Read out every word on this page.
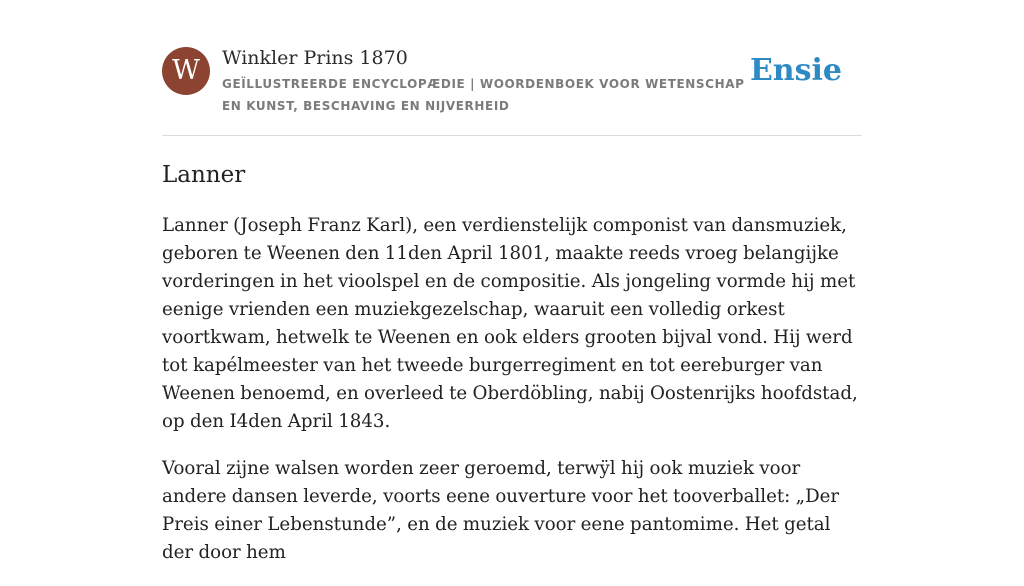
W	Winkler Prins 1870
GEÏLLUSTREERDE ENCYCLOPÆDIE | WOORDENBOEK VOOR WETENSCHAP EN KUNST, BESCHAVING EN NIJVERHEID
Ensie
Lanner

Lanner (Joseph Franz Karl), een verdienstelijk componist van dansmuziek, geboren te Weenen den 11den April 1801, maakte reeds vroeg belangijke vorderingen in het vioolspel en de compositie. Als jongeling vormde hij met eenige vrienden een muziekgezelschap, waaruit een volledig orkest voortkwam, hetwelk te Weenen en ook elders grooten bijval vond. Hij werd tot kapélmeester van het tweede burgerregiment en tot eereburger van Weenen benoemd, en overleed te Oberdöbling, nabij Oostenrijks hoofdstad, op den I4den April 1843.

Vooral zijne walsen worden zeer geroemd, terwÿl hij ook muziek voor andere dansen leverde, voorts eene ouverture voor het tooverballet: „Der Preis einer Lebenstunde”, en de muziek voor eene pantomime. Het getal der door hem
